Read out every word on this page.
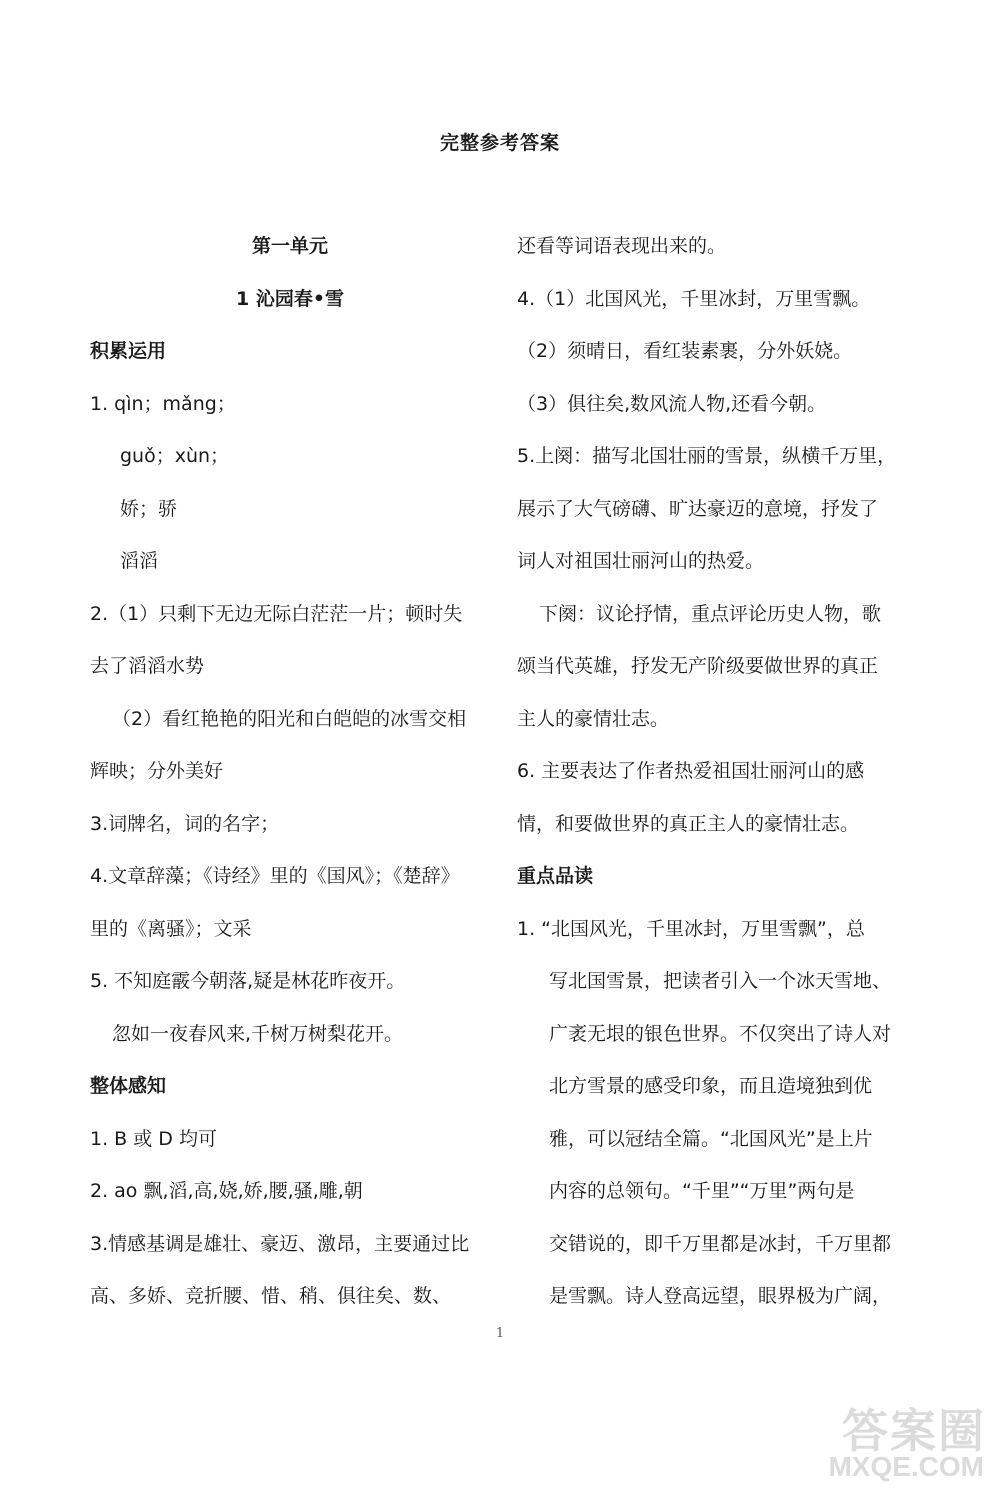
完整参考答案
第一单元
1 沁园春•雪
积累运用
1. qìn；mǎng；
guǒ；xùn；
娇；骄
滔滔
2.（1）只剩下无边无际白茫茫一片；顿时失
去了滔滔水势
（2）看红艳艳的阳光和白皑皑的冰雪交相
辉映；分外美好
3.词牌名，词的名字；
4.文章辞藻；《诗经》里的《国风》；《楚辞》
里的《离骚》；文采
5. 不知庭霰今朝落,疑是林花昨夜开。
忽如一夜春风来,千树万树梨花开。
整体感知
1. B 或 D 均可
2. ao 飘,滔,高,娆,娇,腰,骚,雕,朝
3.情感基调是雄壮、豪迈、激昂，主要通过比
高、多娇、竞折腰、惜、稍、俱往矣、数、
还看等词语表现出来的。
4.（1）北国风光，千里冰封，万里雪飘。
（2）须晴日，看红装素裹，分外妖娆。
（3）俱往矣,数风流人物,还看今朝。
5.上阕：描写北国壮丽的雪景，纵横千万里，
展示了大气磅礴、旷达豪迈的意境，抒发了
词人对祖国壮丽河山的热爱。
下阕：议论抒情，重点评论历史人物，歌
颂当代英雄，抒发无产阶级要做世界的真正
主人的豪情壮志。
6. 主要表达了作者热爱祖国壮丽河山的感
情，和要做世界的真正主人的豪情壮志。
重点品读
1. “北国风光，千里冰封，万里雪飘”，总
写北国雪景，把读者引入一个冰天雪地、
广袤无垠的银色世界。不仅突出了诗人对
北方雪景的感受印象，而且造境独到优
雅，可以冠结全篇。“北国风光”是上片
内容的总领句。“千里”“万里”两句是
交错说的，即千万里都是冰封，千万里都
是雪飘。诗人登高远望，眼界极为广阔，
1
答案圈
MXQE.COM
